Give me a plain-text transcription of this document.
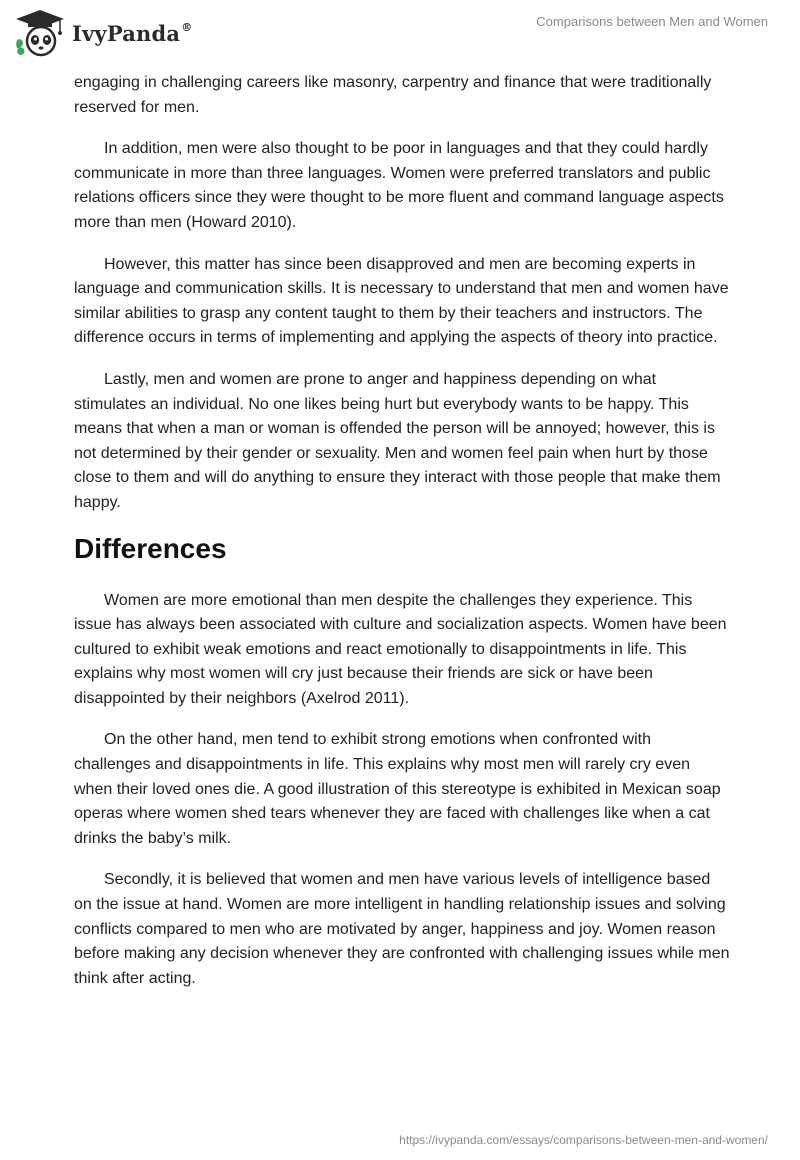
IvyPanda®	Comparisons between Men and Women

engaging in challenging careers like masonry, carpentry and finance that were traditionally reserved for men.

In addition, men were also thought to be poor in languages and that they could hardly communicate in more than three languages. Women were preferred translators and public relations officers since they were thought to be more fluent and command language aspects more than men (Howard 2010).

However, this matter has since been disapproved and men are becoming experts in language and communication skills. It is necessary to understand that men and women have similar abilities to grasp any content taught to them by their teachers and instructors. The difference occurs in terms of implementing and applying the aspects of theory into practice.

Lastly, men and women are prone to anger and happiness depending on what stimulates an individual. No one likes being hurt but everybody wants to be happy. This means that when a man or woman is offended the person will be annoyed; however, this is not determined by their gender or sexuality. Men and women feel pain when hurt by those close to them and will do anything to ensure they interact with those people that make them happy.

Differences

Women are more emotional than men despite the challenges they experience. This issue has always been associated with culture and socialization aspects. Women have been cultured to exhibit weak emotions and react emotionally to disappointments in life. This explains why most women will cry just because their friends are sick or have been disappointed by their neighbors (Axelrod 2011).

On the other hand, men tend to exhibit strong emotions when confronted with challenges and disappointments in life. This explains why most men will rarely cry even when their loved ones die. A good illustration of this stereotype is exhibited in Mexican soap operas where women shed tears whenever they are faced with challenges like when a cat drinks the baby’s milk.

Secondly, it is believed that women and men have various levels of intelligence based on the issue at hand. Women are more intelligent in handling relationship issues and solving conflicts compared to men who are motivated by anger, happiness and joy. Women reason before making any decision whenever they are confronted with challenging issues while men think after acting.

https://ivypanda.com/essays/comparisons-between-men-and-women/
